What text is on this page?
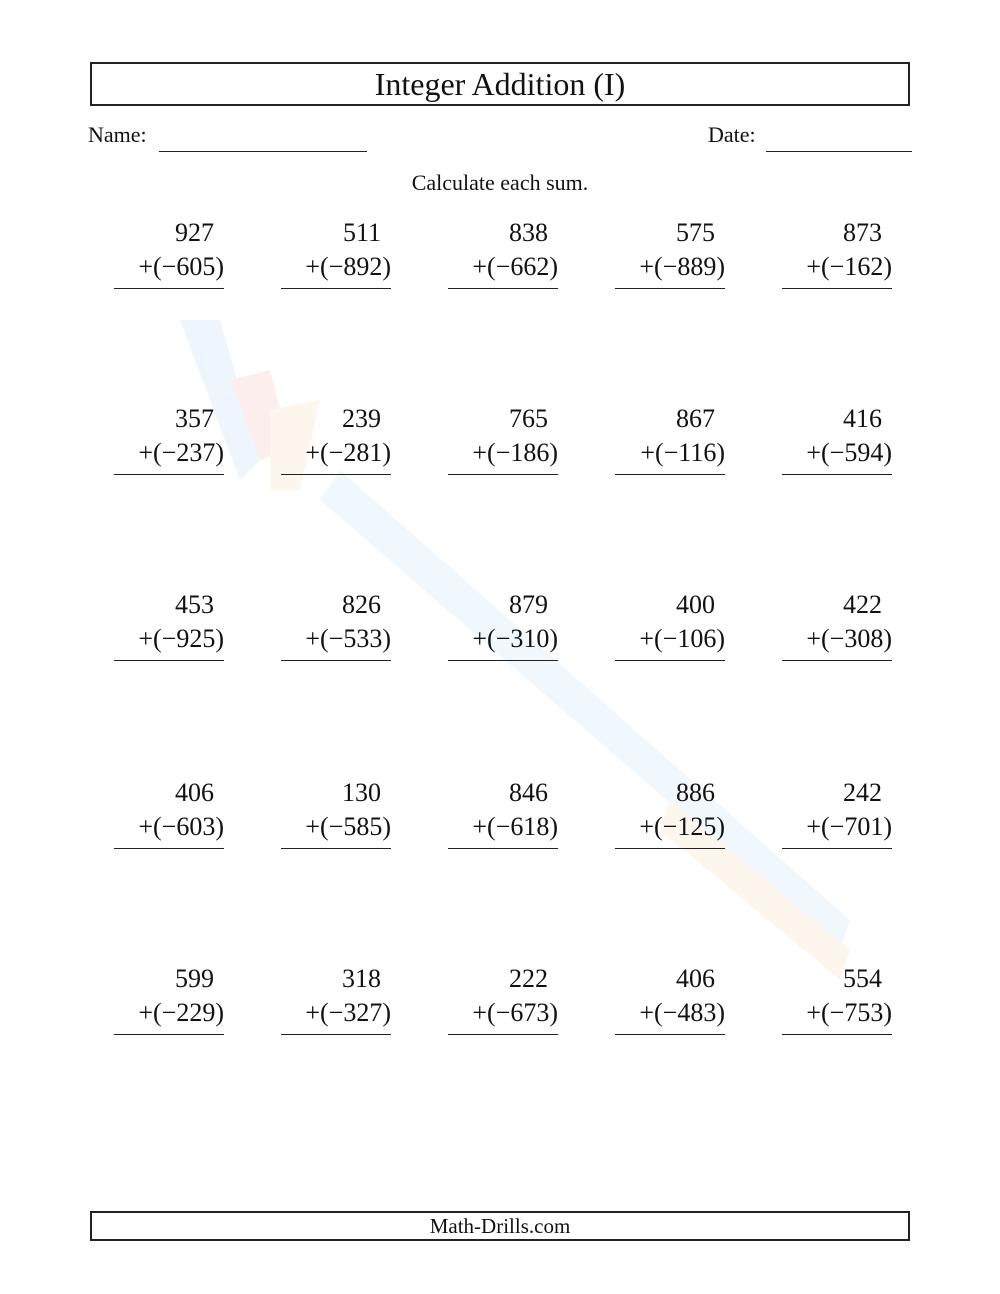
Integer Addition (I)
Name:	Date:
Calculate each sum.
927
+(−605)
511
+(−892)
838
+(−662)
575
+(−889)
873
+(−162)
357
+(−237)
239
+(−281)
765
+(−186)
867
+(−116)
416
+(−594)
453
+(−925)
826
+(−533)
879
+(−310)
400
+(−106)
422
+(−308)
406
+(−603)
130
+(−585)
846
+(−618)
886
+(−125)
242
+(−701)
599
+(−229)
318
+(−327)
222
+(−673)
406
+(−483)
554
+(−753)
Math-Drills.com
